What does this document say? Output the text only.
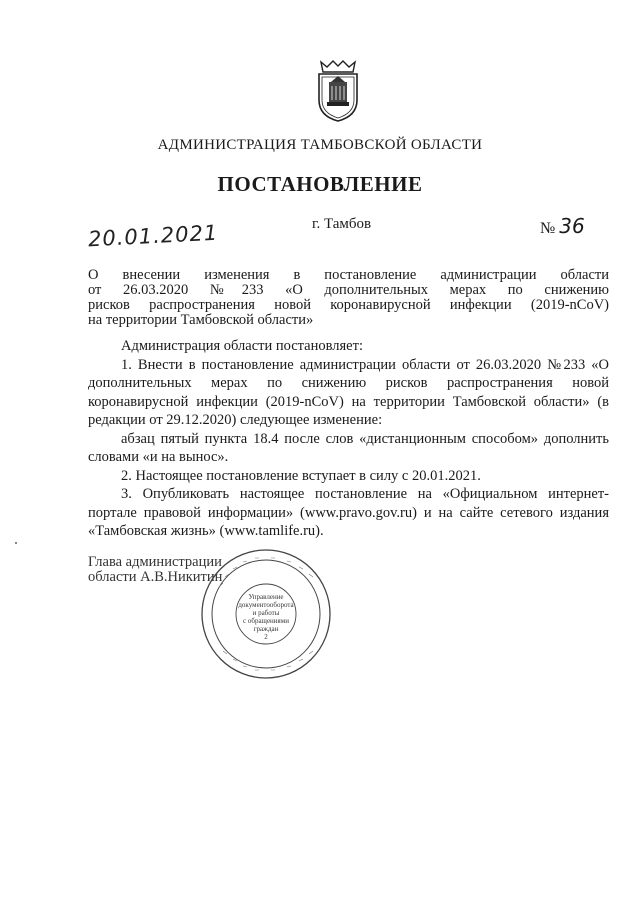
АДМИНИСТРАЦИЯ ТАМБОВСКОЙ ОБЛАСТИ
ПОСТАНОВЛЕНИЕ
20.01.2021	г. Тамбов	№ 36
О внесении изменения в постановление администрации области
от 26.03.2020 №233 «О дополнительных мерах по снижению
рисков распространения новой коронавирусной инфекции (2019-nCoV)
на территории Тамбовской области»

Администрация области постановляет:

1. Внести в постановление администрации области от 26.03.2020 №233 «О дополнительных мерах по снижению рисков распространения новой коронавирусной инфекции (2019-nCoV) на территории Тамбовской области» (в редакции от 29.12.2020) следующее изменение:

абзац пятый пункта 18.4 после слов «дистанционным способом» дополнить словами «и на вынос».

2. Настоящее постановление вступает в силу с 20.01.2021.

3. Опубликовать настоящее постановление на «Официальном интернет-портале правовой информации» (www.pravo.gov.ru) и на сайте сетевого издания «Тамбовская жизнь» (www.tamlife.ru).

Глава администрации
области А.В.Никитин
Управление
документооборота
и работы
с обращениями
граждан
2
